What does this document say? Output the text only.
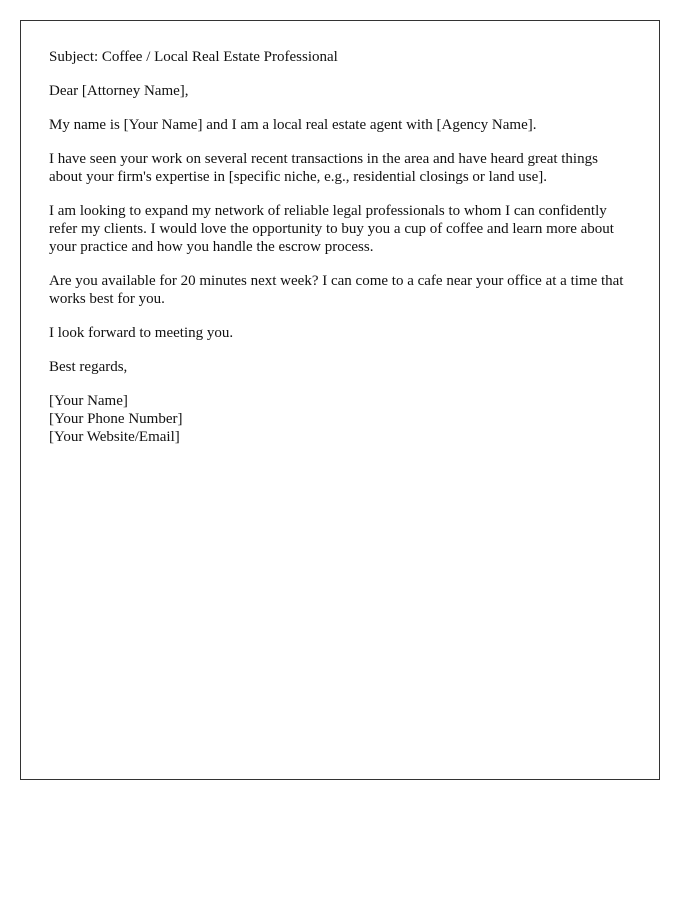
Subject: Coffee / Local Real Estate Professional

Dear [Attorney Name],

My name is [Your Name] and I am a local real estate agent with [Agency Name].

I have seen your work on several recent transactions in the area and have heard great things about your firm's expertise in [specific niche, e.g., residential closings or land use].

I am looking to expand my network of reliable legal professionals to whom I can confidently refer my clients. I would love the opportunity to buy you a cup of coffee and learn more about your practice and how you handle the escrow process.

Are you available for 20 minutes next week? I can come to a cafe near your office at a time that works best for you.

I look forward to meeting you.

Best regards,

[Your Name]
[Your Phone Number]
[Your Website/Email]
